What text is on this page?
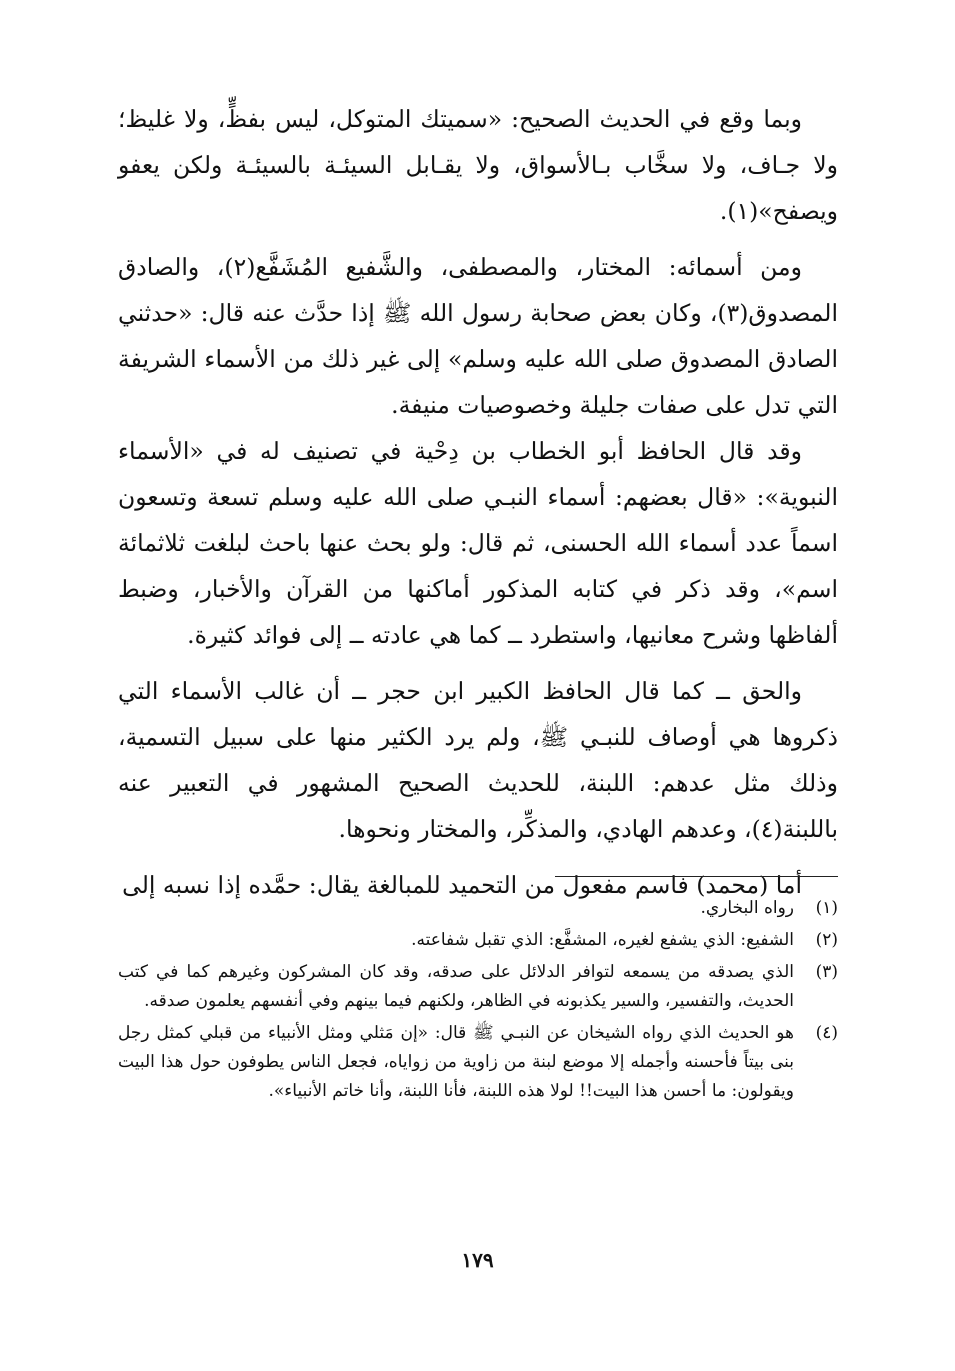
وبما وقع في الحديث الصحيح: «سميتك المتوكل، ليس بفظٍّ، ولا غليظ؛ ولا جـاف، ولا سخَّاب بـالأسواق، ولا يقـابل السيئـة بالسيئـة ولكن يعفو ويصفح»(١).

ومن أسمائه: المختار، والمصطفى، والشَّفيع المُشَفَّع(٢)، والصادق المصدوق(٣)، وكان بعض صحابة رسول الله ﷺ إذا حدَّث عنه قال: «حدثني الصادق المصدوق صلى الله عليه وسلم» إلى غير ذلك من الأسماء الشريفة التي تدل على صفات جليلة وخصوصيات منيفة.

وقد قال الحافظ أبو الخطاب بن دِحْية في تصنيف له في «الأسماء النبوية»: «قال بعضهم: أسماء النبـي صلى الله عليه وسلم تسعة وتسعون اسماً عدد أسماء الله الحسنى، ثم قال: ولو بحث عنها باحث لبلغت ثلاثمائة اسم»، وقد ذكر في كتابه المذكور أماكنها من القرآن والأخبار، وضبط ألفاظها وشرح معانيها، واستطرد ــ كما هي عادته ــ إلى فوائد كثيرة.

والحق ــ كما قال الحافظ الكبير ابن حجر ــ أن غالب الأسماء التي ذكروها هي أوصاف للنبـي ﷺ، ولم يرد الكثير منها على سبيل التسمية، وذلك مثل عدهم: اللبنة، للحديث الصحيح المشهور في التعبير عنه باللبنة(٤)، وعدهم الهادي، والمذكِّر، والمختار ونحوها.

أما (محمد) فاسم مفعول من التحميد للمبالغة يقال: حمَّده إذا نسبه إلى

(١)
رواه البخاري.
(٢)
الشفيع: الذي يشفع لغيره، المشفَّع: الذي تقبل شفاعته.
(٣)
الذي يصدقه من يسمعه لتوافر الدلائل على صدقه، وقد كان المشركون وغيرهم كما في كتب الحديث، والتفسير، والسير يكذبونه في الظاهر، ولكنهم فيما بينهم وفي أنفسهم يعلمون صدقه.
(٤)
هو الحديث الذي رواه الشيخان عن النبـي ﷺ قال: «إن مَثلي ومثل الأنبياء من قبلي كمثل رجل بنى بيتاً فأحسنه وأجمله إلا موضع لبنة من زاوية من زواياه، فجعل الناس يطوفون حول هذا البيت ويقولون: ما أحسن هذا البيت!! لولا هذه اللبنة، فأنا اللبنة، وأنا خاتم الأنبياء».
١٧٩
